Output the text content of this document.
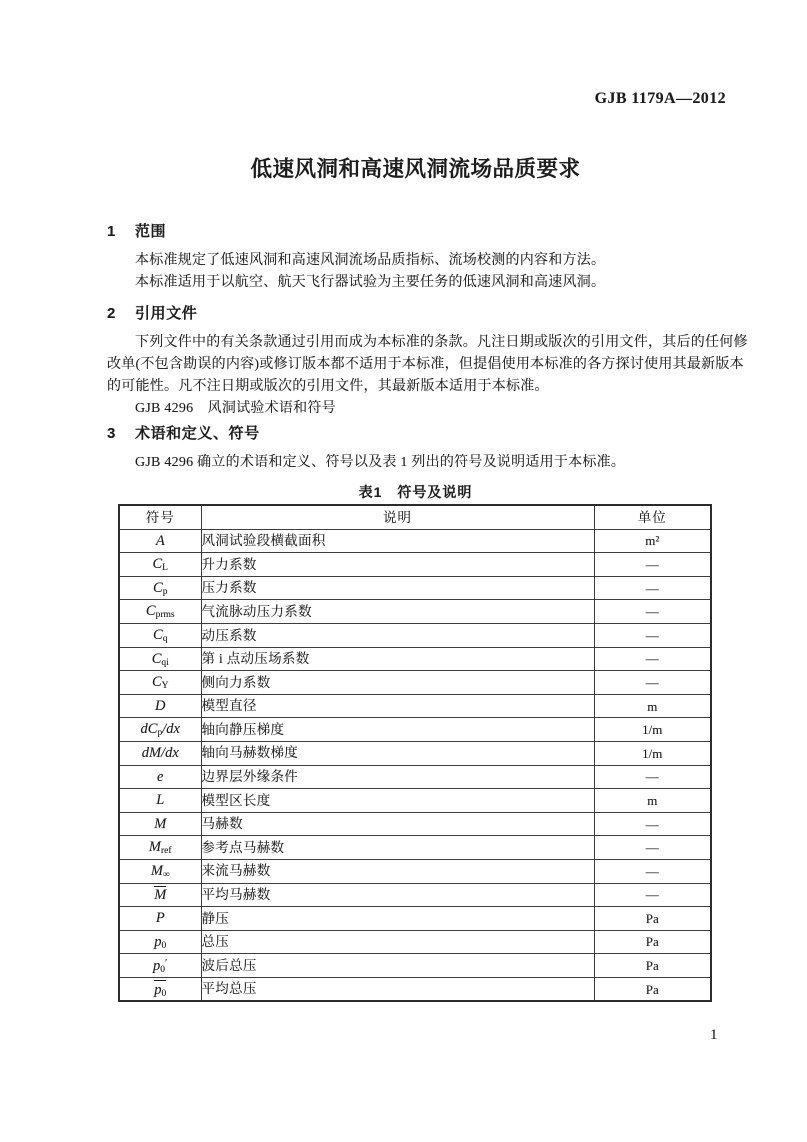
GJB 1179A—2012
低速风洞和高速风洞流场品质要求
1 范围

本标准规定了低速风洞和高速风洞流场品质指标、流场校测的内容和方法。

本标准适用于以航空、航天飞行器试验为主要任务的低速风洞和高速风洞。

2 引用文件

下列文件中的有关条款通过引用而成为本标准的条款。凡注日期或版次的引用文件，其后的任何修

改单(不包含勘误的内容)或修订版本都不适用于本标准，但提倡使用本标准的各方探讨使用其最新版本

的可能性。凡不注日期或版次的引用文件，其最新版本适用于本标准。

GJB 4296　风洞试验术语和符号

3 术语和定义、符号

GJB 4296 确立的术语和定义、符号以及表 1 列出的符号及说明适用于本标准。

表1　符号及说明
符号	说明	单位
A	风洞试验段横截面积	m²
$C_L$	升力系数	—
$C_p$	压力系数	—
$C_{prms}$	气流脉动压力系数	—
$C_q$	动压系数	—
$C_{qi}$	第 i 点动压场系数	—
$C_Y$	侧向力系数	—
D	模型直径	m
$dC_p/dx$	轴向静压梯度	1/m
dM/dx	轴向马赫数梯度	1/m
e	边界层外缘条件	—
L	模型区长度	m
M	马赫数	—
$M_{ref}$	参考点马赫数	—
$M_\infty$	来流马赫数	—
M	平均马赫数	—
P	静压	Pa
$p_0$	总压	Pa
$p_0'$	波后总压	Pa
$p_0$	平均总压	Pa
1
